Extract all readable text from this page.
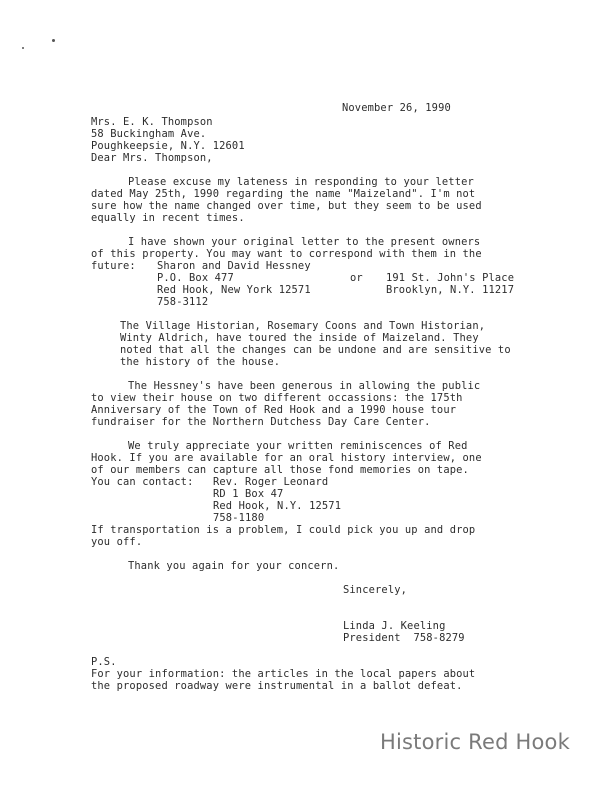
November 26, 1990
Mrs. E. K. Thompson
58 Buckingham Ave.
Poughkeepsie, N.Y. 12601
Dear Mrs. Thompson,
Please excuse my lateness in responding to your letter
dated May 25th, 1990 regarding the name "Maizeland". I'm not
sure how the name changed over time, but they seem to be used
equally in recent times.
I have shown your original letter to the present owners
of this property. You may want to correspond with them in the
future: Sharon and David Hessney
P.O. Box 477	or 191 St. John's Place
Red Hook, New York 12571	Brooklyn, N.Y. 11217
758-3112
The Village Historian, Rosemary Coons and Town Historian,
Winty Aldrich, have toured the inside of Maizeland. They
noted that all the changes can be undone and are sensitive to
the history of the house.
The Hessney's have been generous in allowing the public
to view their house on two different occassions: the 175th
Anniversary of the Town of Red Hook and a 1990 house tour
fundraiser for the Northern Dutchess Day Care Center.
We truly appreciate your written reminiscences of Red
Hook. If you are available for an oral history interview, one
of our members can capture all those fond memories on tape.
You can contact: Rev. Roger Leonard
RD 1 Box 47
Red Hook, N.Y. 12571
758-1180
If transportation is a problem, I could pick you up and drop
you off.
Thank you again for your concern.
Sincerely,
Linda J. Keeling
President  758-8279
P.S.
For your information: the articles in the local papers about
the proposed roadway were instrumental in a ballot defeat.
Historic Red Hook
